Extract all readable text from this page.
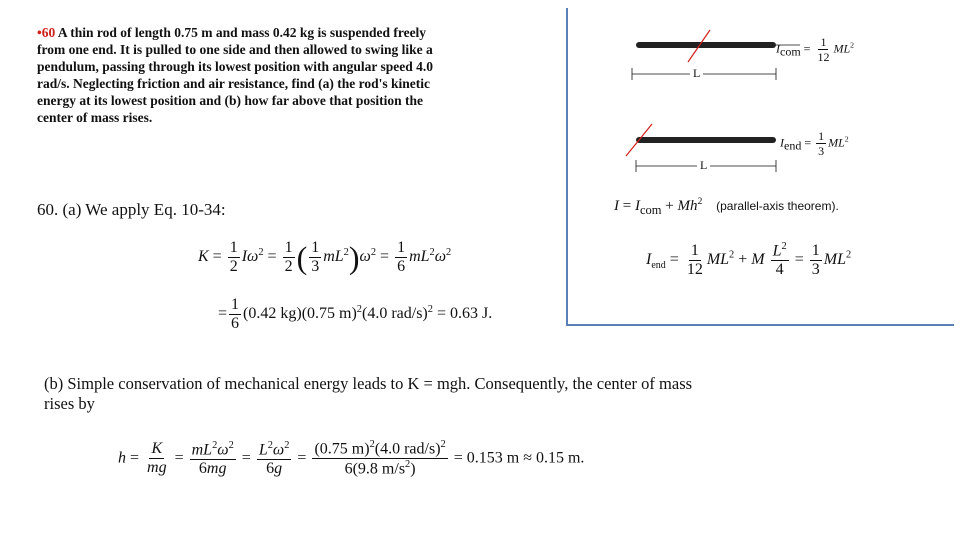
•60 A thin rod of length 0.75 m and mass 0.42 kg is suspended freely from one end. It is pulled to one side and then allowed to swing like a pendulum, passing through its lowest position with angular speed 4.0 rad/s. Neglecting friction and air resistance, find (a) the rod's kinetic energy at its lowest position and (b) how far above that position the center of mass rises.
60. (a) We apply Eq. 10-34:
$K = \frac{1}{2} I\omega^2 = \frac{1}{2}$ ( $\frac{1}{3} mL^2)\omega^2 = \frac{1}{6} mL^2\omega^2$
= $\frac{1}{6} (0.42$ kg)(0.75 m)$^2$(4.0 rad/s)$^2$ = 0.63 J.
L
L
$I_{com} = \frac{1}{12} ML^2$
$I_{end} = \frac{1}{3} ML^2$
$I = I_{com} + Mh^2$ (parallel-axis theorem).
$I_{end} = \frac{1}{12} ML^2 + M \frac{L^2}{4} = \frac{1}{3} ML^2$
(b) Simple conservation of mechanical energy leads to K = mgh. Consequently, the center of mass rises by
$h = \frac{K}{mg} = \frac{mL^2\omega^2}{6mg} = \frac{L^2\omega^2}{6g} = \frac{(0.75 m)^2(4.0 rad/s)^2}{6(9.8 m/s^2)} = 0.153$ m ≈ 0.15 m.
